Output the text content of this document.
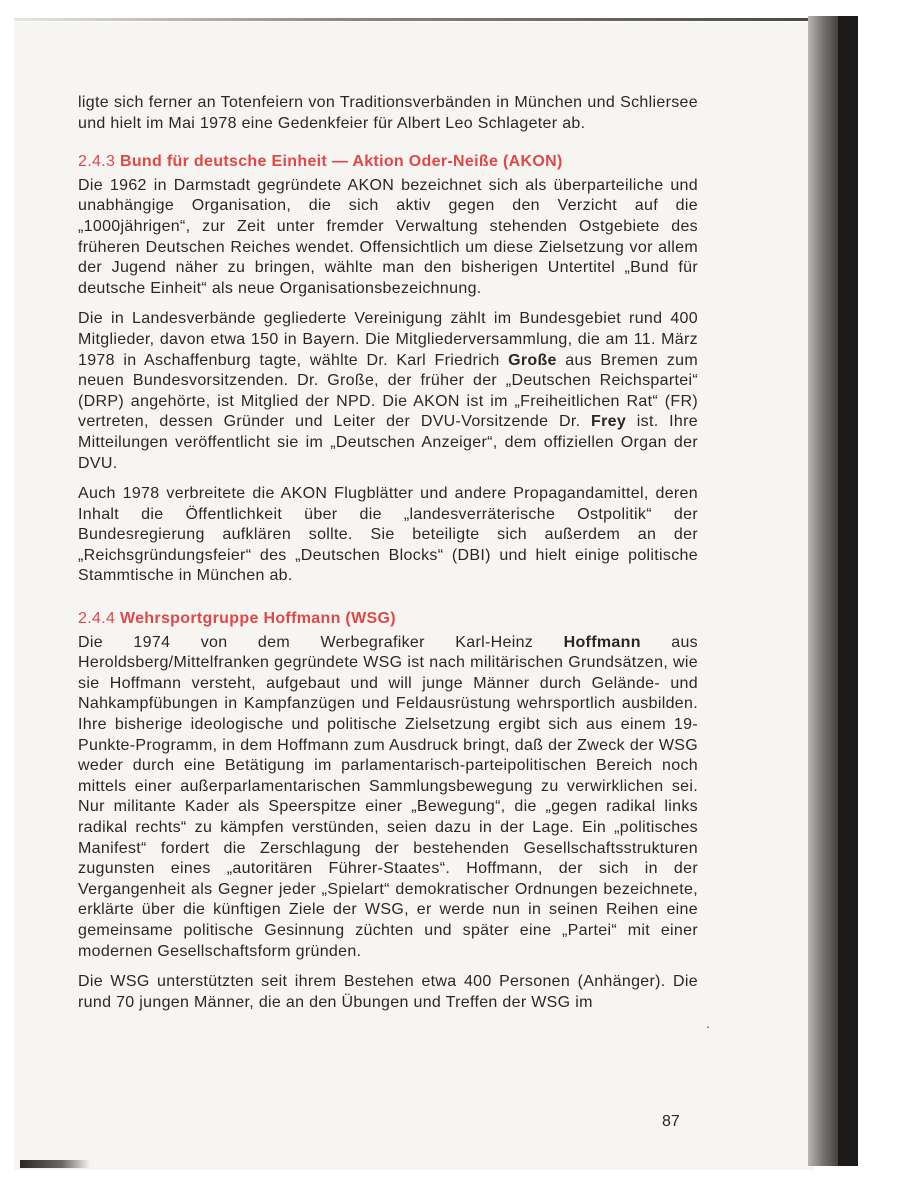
ligte sich ferner an Totenfeiern von Traditionsverbänden in München und Schliersee und hielt im Mai 1978 eine Gedenkfeier für Albert Leo Schlageter ab.

2.4.3 Bund für deutsche Einheit — Aktion Oder-Neiße (AKON)

Die 1962 in Darmstadt gegründete AKON bezeichnet sich als überparteiliche und unabhängige Organisation, die sich aktiv gegen den Verzicht auf die „1000jährigen“, zur Zeit unter fremder Verwaltung stehenden Ostgebiete des früheren Deutschen Reiches wendet. Offensichtlich um diese Zielsetzung vor allem der Jugend näher zu bringen, wählte man den bisherigen Untertitel „Bund für deutsche Einheit“ als neue Organisationsbezeichnung.

Die in Landesverbände gegliederte Vereinigung zählt im Bundesgebiet rund 400 Mitglieder, davon etwa 150 in Bayern. Die Mitgliederversammlung, die am 11. März 1978 in Aschaffenburg tagte, wählte Dr. Karl Friedrich Große aus Bremen zum neuen Bundesvorsitzenden. Dr. Große, der früher der „Deutschen Reichspartei“ (DRP) angehörte, ist Mitglied der NPD. Die AKON ist im „Freiheitlichen Rat“ (FR) vertreten, dessen Gründer und Leiter der DVU-Vorsitzende Dr. Frey ist. Ihre Mitteilungen veröffentlicht sie im „Deutschen Anzeiger“, dem offiziellen Organ der DVU.

Auch 1978 verbreitete die AKON Flugblätter und andere Propagandamittel, deren Inhalt die Öffentlichkeit über die „landesverräterische Ostpolitik“ der Bundesregierung aufklären sollte. Sie beteiligte sich außerdem an der „Reichsgründungsfeier“ des „Deutschen Blocks“ (DBI) und hielt einige politische Stammtische in München ab.

2.4.4 Wehrsportgruppe Hoffmann (WSG)

Die 1974 von dem Werbegrafiker Karl-Heinz Hoffmann aus Heroldsberg/Mittelfranken gegründete WSG ist nach militärischen Grundsätzen, wie sie Hoffmann versteht, aufgebaut und will junge Männer durch Gelände- und Nahkampfübungen in Kampfanzügen und Feldausrüstung wehrsportlich ausbilden. Ihre bisherige ideologische und politische Zielsetzung ergibt sich aus einem 19-Punkte-Programm, in dem Hoffmann zum Ausdruck bringt, daß der Zweck der WSG weder durch eine Betätigung im parlamentarisch-parteipolitischen Bereich noch mittels einer außerparlamentarischen Sammlungsbewegung zu verwirklichen sei. Nur militante Kader als Speerspitze einer „Bewegung“, die „gegen radikal links radikal rechts“ zu kämpfen verstünden, seien dazu in der Lage. Ein „politisches Manifest“ fordert die Zerschlagung der bestehenden Gesellschaftsstrukturen zugunsten eines „autoritären Führer-Staates“. Hoffmann, der sich in der Vergangenheit als Gegner jeder „Spielart“ demokratischer Ordnungen bezeichnete, erklärte über die künftigen Ziele der WSG, er werde nun in seinen Reihen eine gemeinsame politische Gesinnung züchten und später eine „Partei“ mit einer modernen Gesellschaftsform gründen.

Die WSG unterstützten seit ihrem Bestehen etwa 400 Personen (Anhänger). Die rund 70 jungen Männer, die an den Übungen und Treffen der WSG im

.
87
